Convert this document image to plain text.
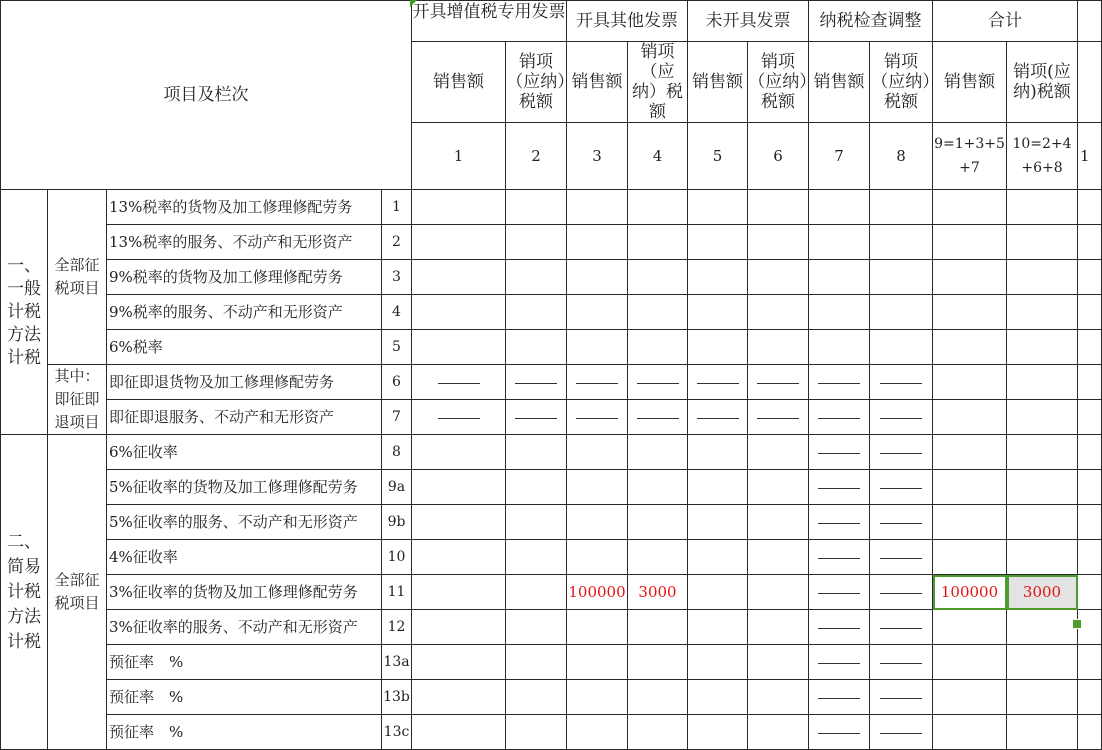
项目及栏次				开具增值税专用发票		开具其他发票		未开具发票		纳税检查调整		合计		
				销售额	销项（应纳）税额	销售额	销项（应纳）税额	销售额	销项（应纳）税额	销售额	销项（应纳）税额	销售额	销项(应纳)税额	
				1	2	3	4	5	6	7	8	9=1+3+5+7	10=2+4+6+8	1
一、一般计税方法计税	全部征税项目	13%税率的货物及加工修理修配劳务	1											
		13%税率的服务、不动产和无形资产	2											
		9%税率的货物及加工修理修配劳务	3											
		9%税率的服务、不动产和无形资产	4											
		6%税率	5											
	其中：即征即退项目	即征即退货物及加工修理修配劳务	6											
		即征即退服务、不动产和无形资产	7											
二、简易计税方法计税	全部征税项目	6%征收率	8											
		5%征收率的货物及加工修理修配劳务	9a											
		5%征收率的服务、不动产和无形资产	9b											
		4%征收率	10											
		3%征收率的货物及加工修理修配劳务	11			100000	3000					100000	3000	
		3%征收率的服务、不动产和无形资产	12											
		预征率　%	13a											
		预征率　%	13b											
		预征率　%	13c											
